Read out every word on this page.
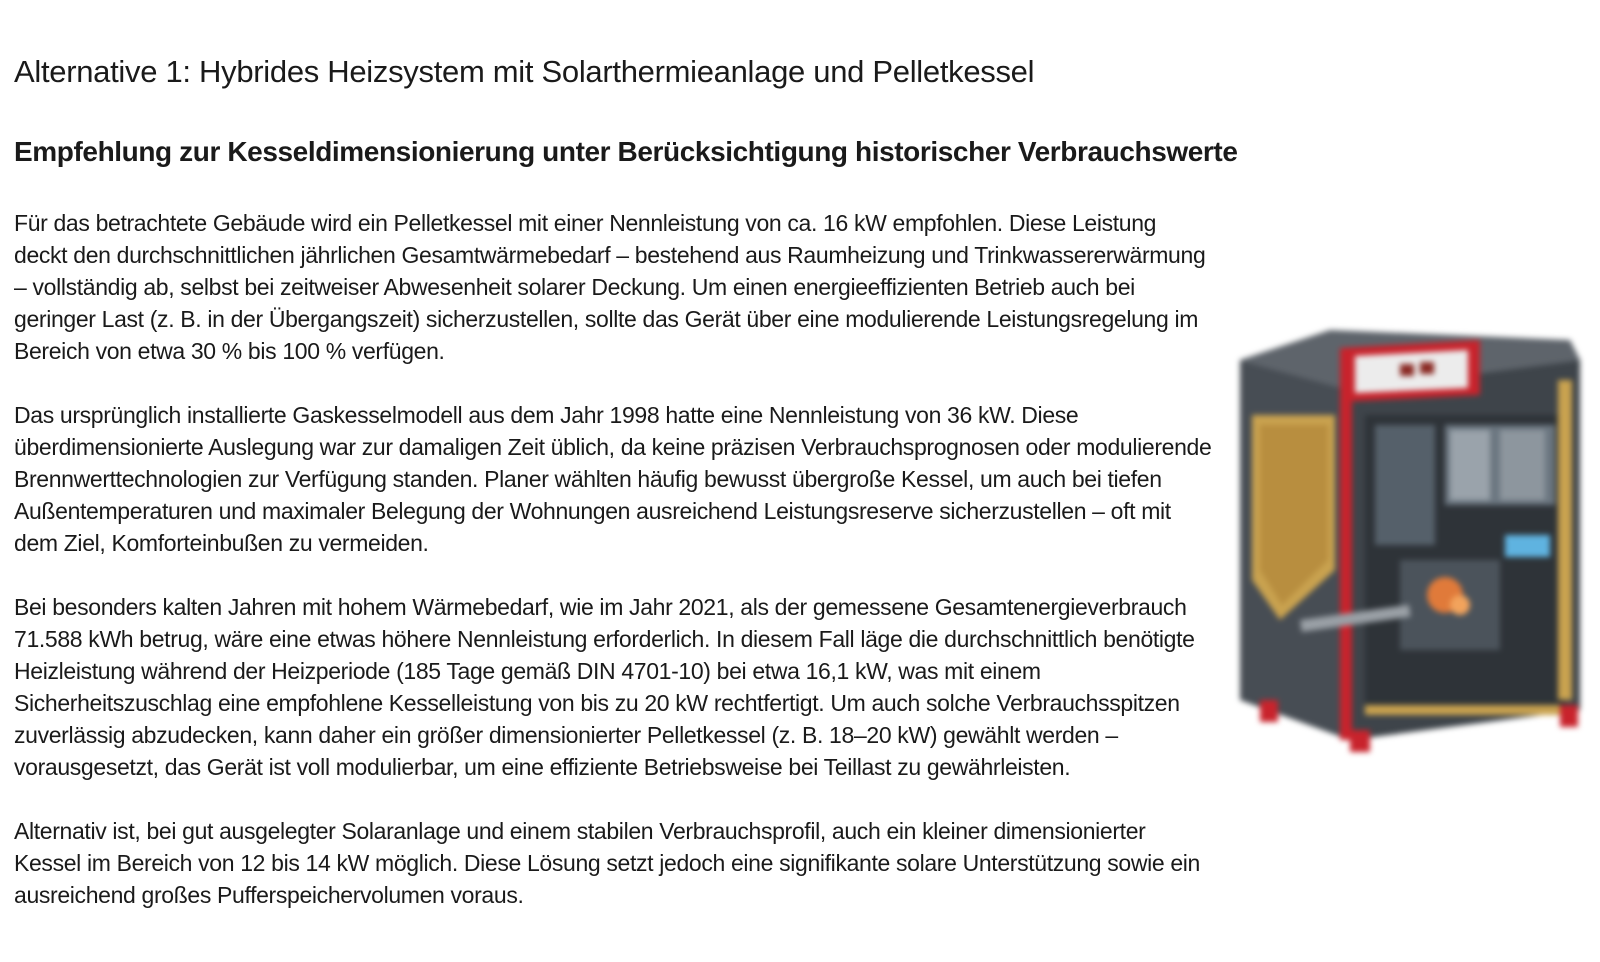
Alternative 1: Hybrides Heizsystem mit Solarthermieanlage und Pelletkessel
Empfehlung zur Kesseldimensionierung unter Berücksichtigung historischer Verbrauchswerte

Für das betrachtete Gebäude wird ein Pelletkessel mit einer Nennleistung von ca. 16 kW empfohlen. Diese Leistung deckt den durchschnittlichen jährlichen Gesamtwärmebedarf – bestehend aus Raumheizung und Trinkwassererwärmung – vollständig ab, selbst bei zeitweiser Abwesenheit solarer Deckung. Um einen energieeffizienten Betrieb auch bei geringer Last (z. B. in der Übergangszeit) sicherzustellen, sollte das Gerät über eine modulierende Leistungsregelung im Bereich von etwa 30 % bis 100 % verfügen.

Das ursprünglich installierte Gaskesselmodell aus dem Jahr 1998 hatte eine Nennleistung von 36 kW. Diese überdimensionierte Auslegung war zur damaligen Zeit üblich, da keine präzisen Verbrauchsprognosen oder modulierende Brennwerttechnologien zur Verfügung standen. Planer wählten häufig bewusst übergroße Kessel, um auch bei tiefen Außentemperaturen und maximaler Belegung der Wohnungen ausreichend Leistungsreserve sicherzustellen – oft mit dem Ziel, Komforteinbußen zu vermeiden.

Bei besonders kalten Jahren mit hohem Wärmebedarf, wie im Jahr 2021, als der gemessene Gesamtenergieverbrauch 71.588 kWh betrug, wäre eine etwas höhere Nennleistung erforderlich. In diesem Fall läge die durchschnittlich benötigte Heizleistung während der Heizperiode (185 Tage gemäß DIN 4701-10) bei etwa 16,1 kW, was mit einem Sicherheitszuschlag eine empfohlene Kesselleistung von bis zu 20 kW rechtfertigt. Um auch solche Verbrauchsspitzen zuverlässig abzudecken, kann daher ein größer dimensionierter Pelletkessel (z. B. 18–20 kW) gewählt werden – vorausgesetzt, das Gerät ist voll modulierbar, um eine effiziente Betriebsweise bei Teillast zu gewährleisten.

Alternativ ist, bei gut ausgelegter Solaranlage und einem stabilen Verbrauchsprofil, auch ein kleiner dimensionierter Kessel im Bereich von 12 bis 14 kW möglich. Diese Lösung setzt jedoch eine signifikante solare Unterstützung sowie ein ausreichend großes Pufferspeichervolumen voraus.
